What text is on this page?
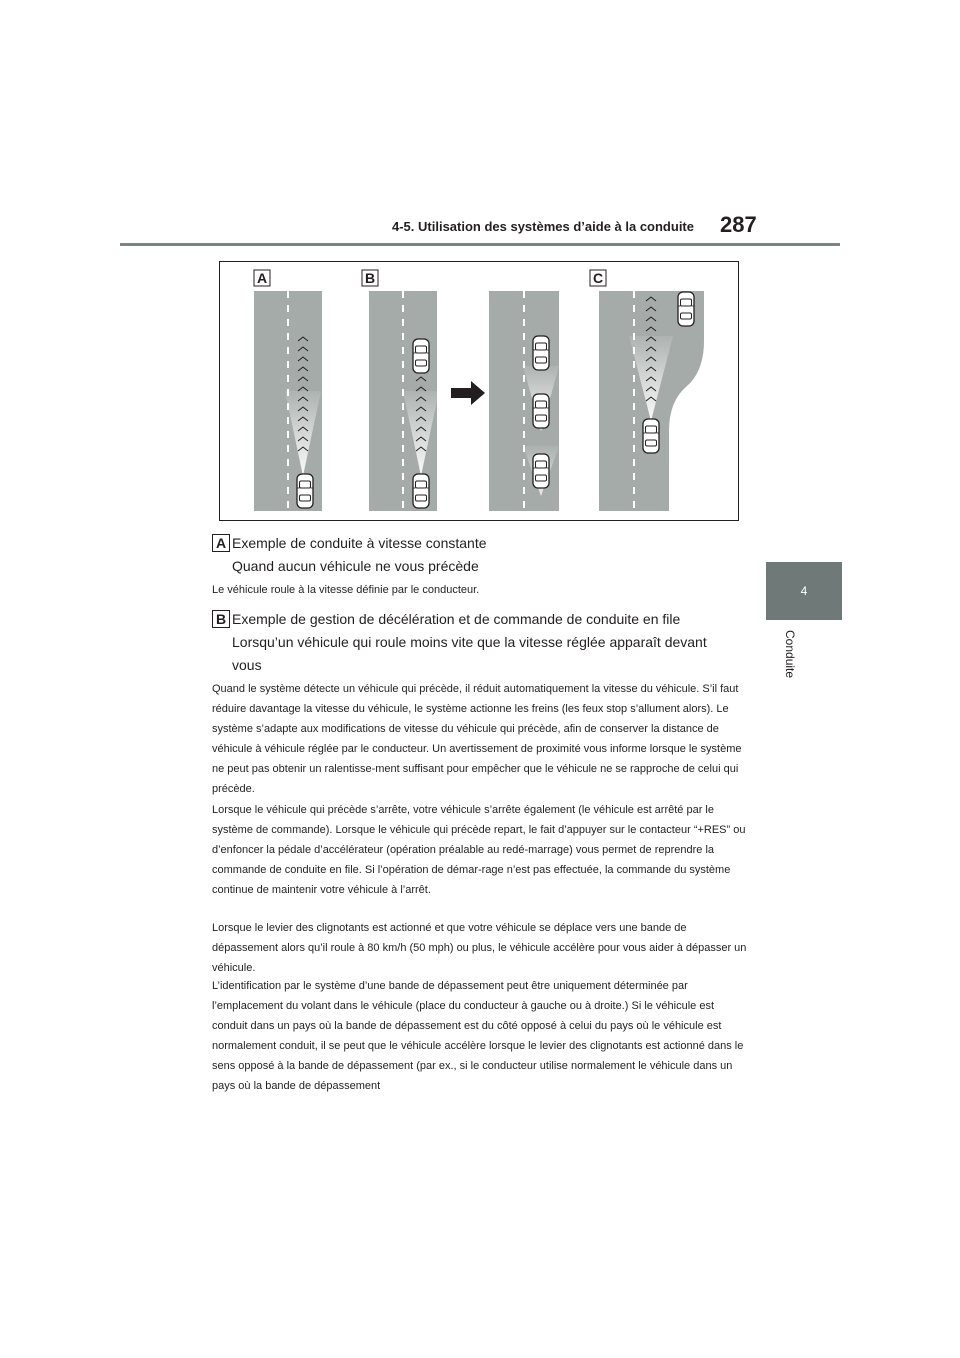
4-5. Utilisation des systèmes d’aide à la conduite 287
4
Conduite
A	B	C
A Exemple de conduite à vitesse constante
Quand aucun véhicule ne vous précède
Le véhicule roule à la vitesse définie par le conducteur.
B Exemple de gestion de décélération et de commande de conduite en file
Lorsqu’un véhicule qui roule moins vite que la vitesse réglée apparaît devant
vous
Quand le système détecte un véhicule qui précède, il réduit automatiquement la vitesse du véhicule. S’il faut réduire davantage la vitesse du véhicule, le système actionne les freins (les feux stop s’allument alors). Le système s’adapte aux modifications de vitesse du véhicule qui précède, afin de conserver la distance de véhicule à véhicule réglée par le conducteur. Un avertissement de proximité vous informe lorsque le système ne peut pas obtenir un ralentisse-ment suffisant pour empêcher que le véhicule ne se rapproche de celui qui précède.
Lorsque le véhicule qui précède s’arrête, votre véhicule s’arrête également (le véhicule est arrêté par le système de commande). Lorsque le véhicule qui précède repart, le fait d’appuyer sur le contacteur “+RES” ou d’enfoncer la pédale d’accélérateur (opération préalable au redé-marrage) vous permet de reprendre la commande de conduite en file. Si l’opération de démar-rage n’est pas effectuée, la commande du système continue de maintenir votre véhicule à l’arrêt.
Lorsque le levier des clignotants est actionné et que votre véhicule se déplace vers une bande de dépassement alors qu’il roule à 80 km/h (50 mph) ou plus, le véhicule accélère pour vous aider à dépasser un véhicule.
L’identification par le système d’une bande de dépassement peut être uniquement déterminée par l’emplacement du volant dans le véhicule (place du conducteur à gauche ou à droite.) Si le véhicule est conduit dans un pays où la bande de dépassement est du côté opposé à celui du pays où le véhicule est normalement conduit, il se peut que le véhicule accélère lorsque le levier des clignotants est actionné dans le sens opposé à la bande de dépassement (par ex., si le conducteur utilise normalement le véhicule dans un pays où la bande de dépassement
